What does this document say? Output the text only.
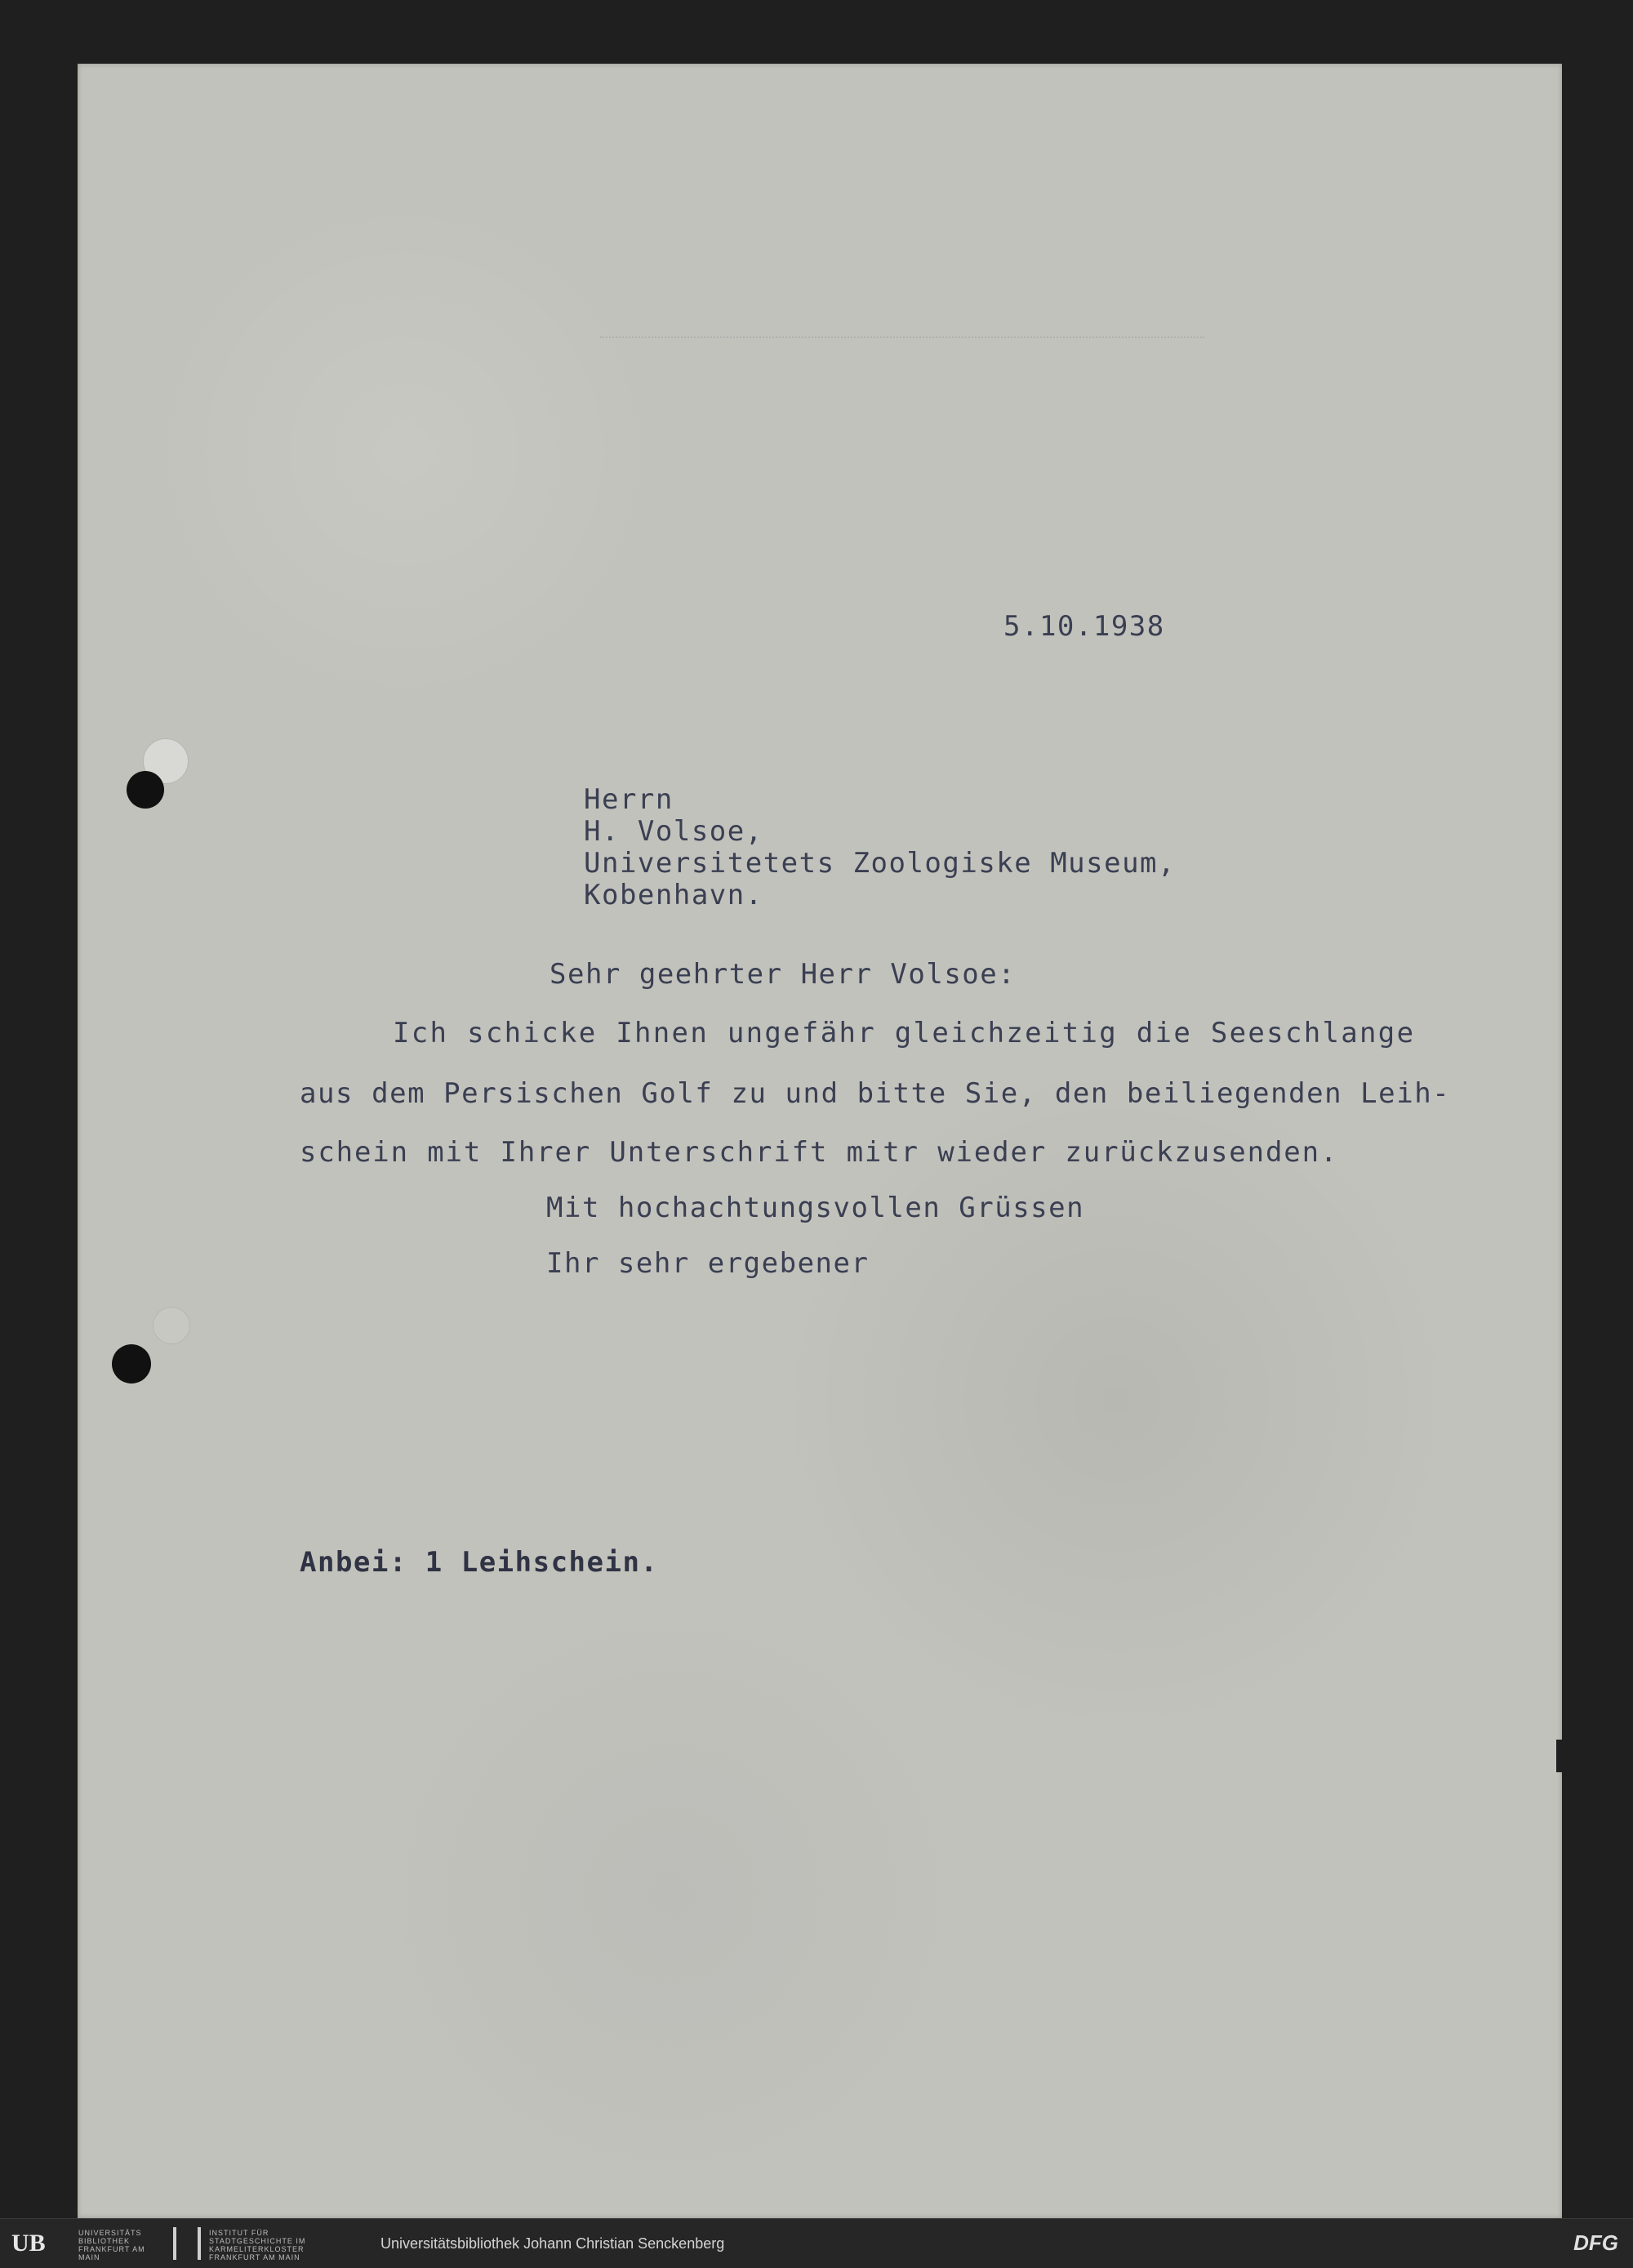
5.10.1938

Herrn

H. Volsoe,

Universitetets Zoologiske Museum,

Kobenhavn.

Sehr geehrter Herr Volsoe:

Ich schicke Ihnen ungefähr gleichzeitig die Seeschlange

aus dem Persischen Golf zu und bitte Sie, den beiliegenden Leih-

schein mit Ihrer Unterschrift mitr wieder zurückzusenden.

Mit hochachtungsvollen Grüssen

Ihr sehr ergebener

Anbei: 1 Leihschein.

UB	UNIVERSITÄTS BIBLIOTHEK FRANKFURT AM MAIN
INSTITUT FÜR STADTGESCHICHTE IM KARMELITERKLOSTER FRANKFURT AM MAIN
Universitätsbibliothek Johann Christian Senckenberg	DFG
